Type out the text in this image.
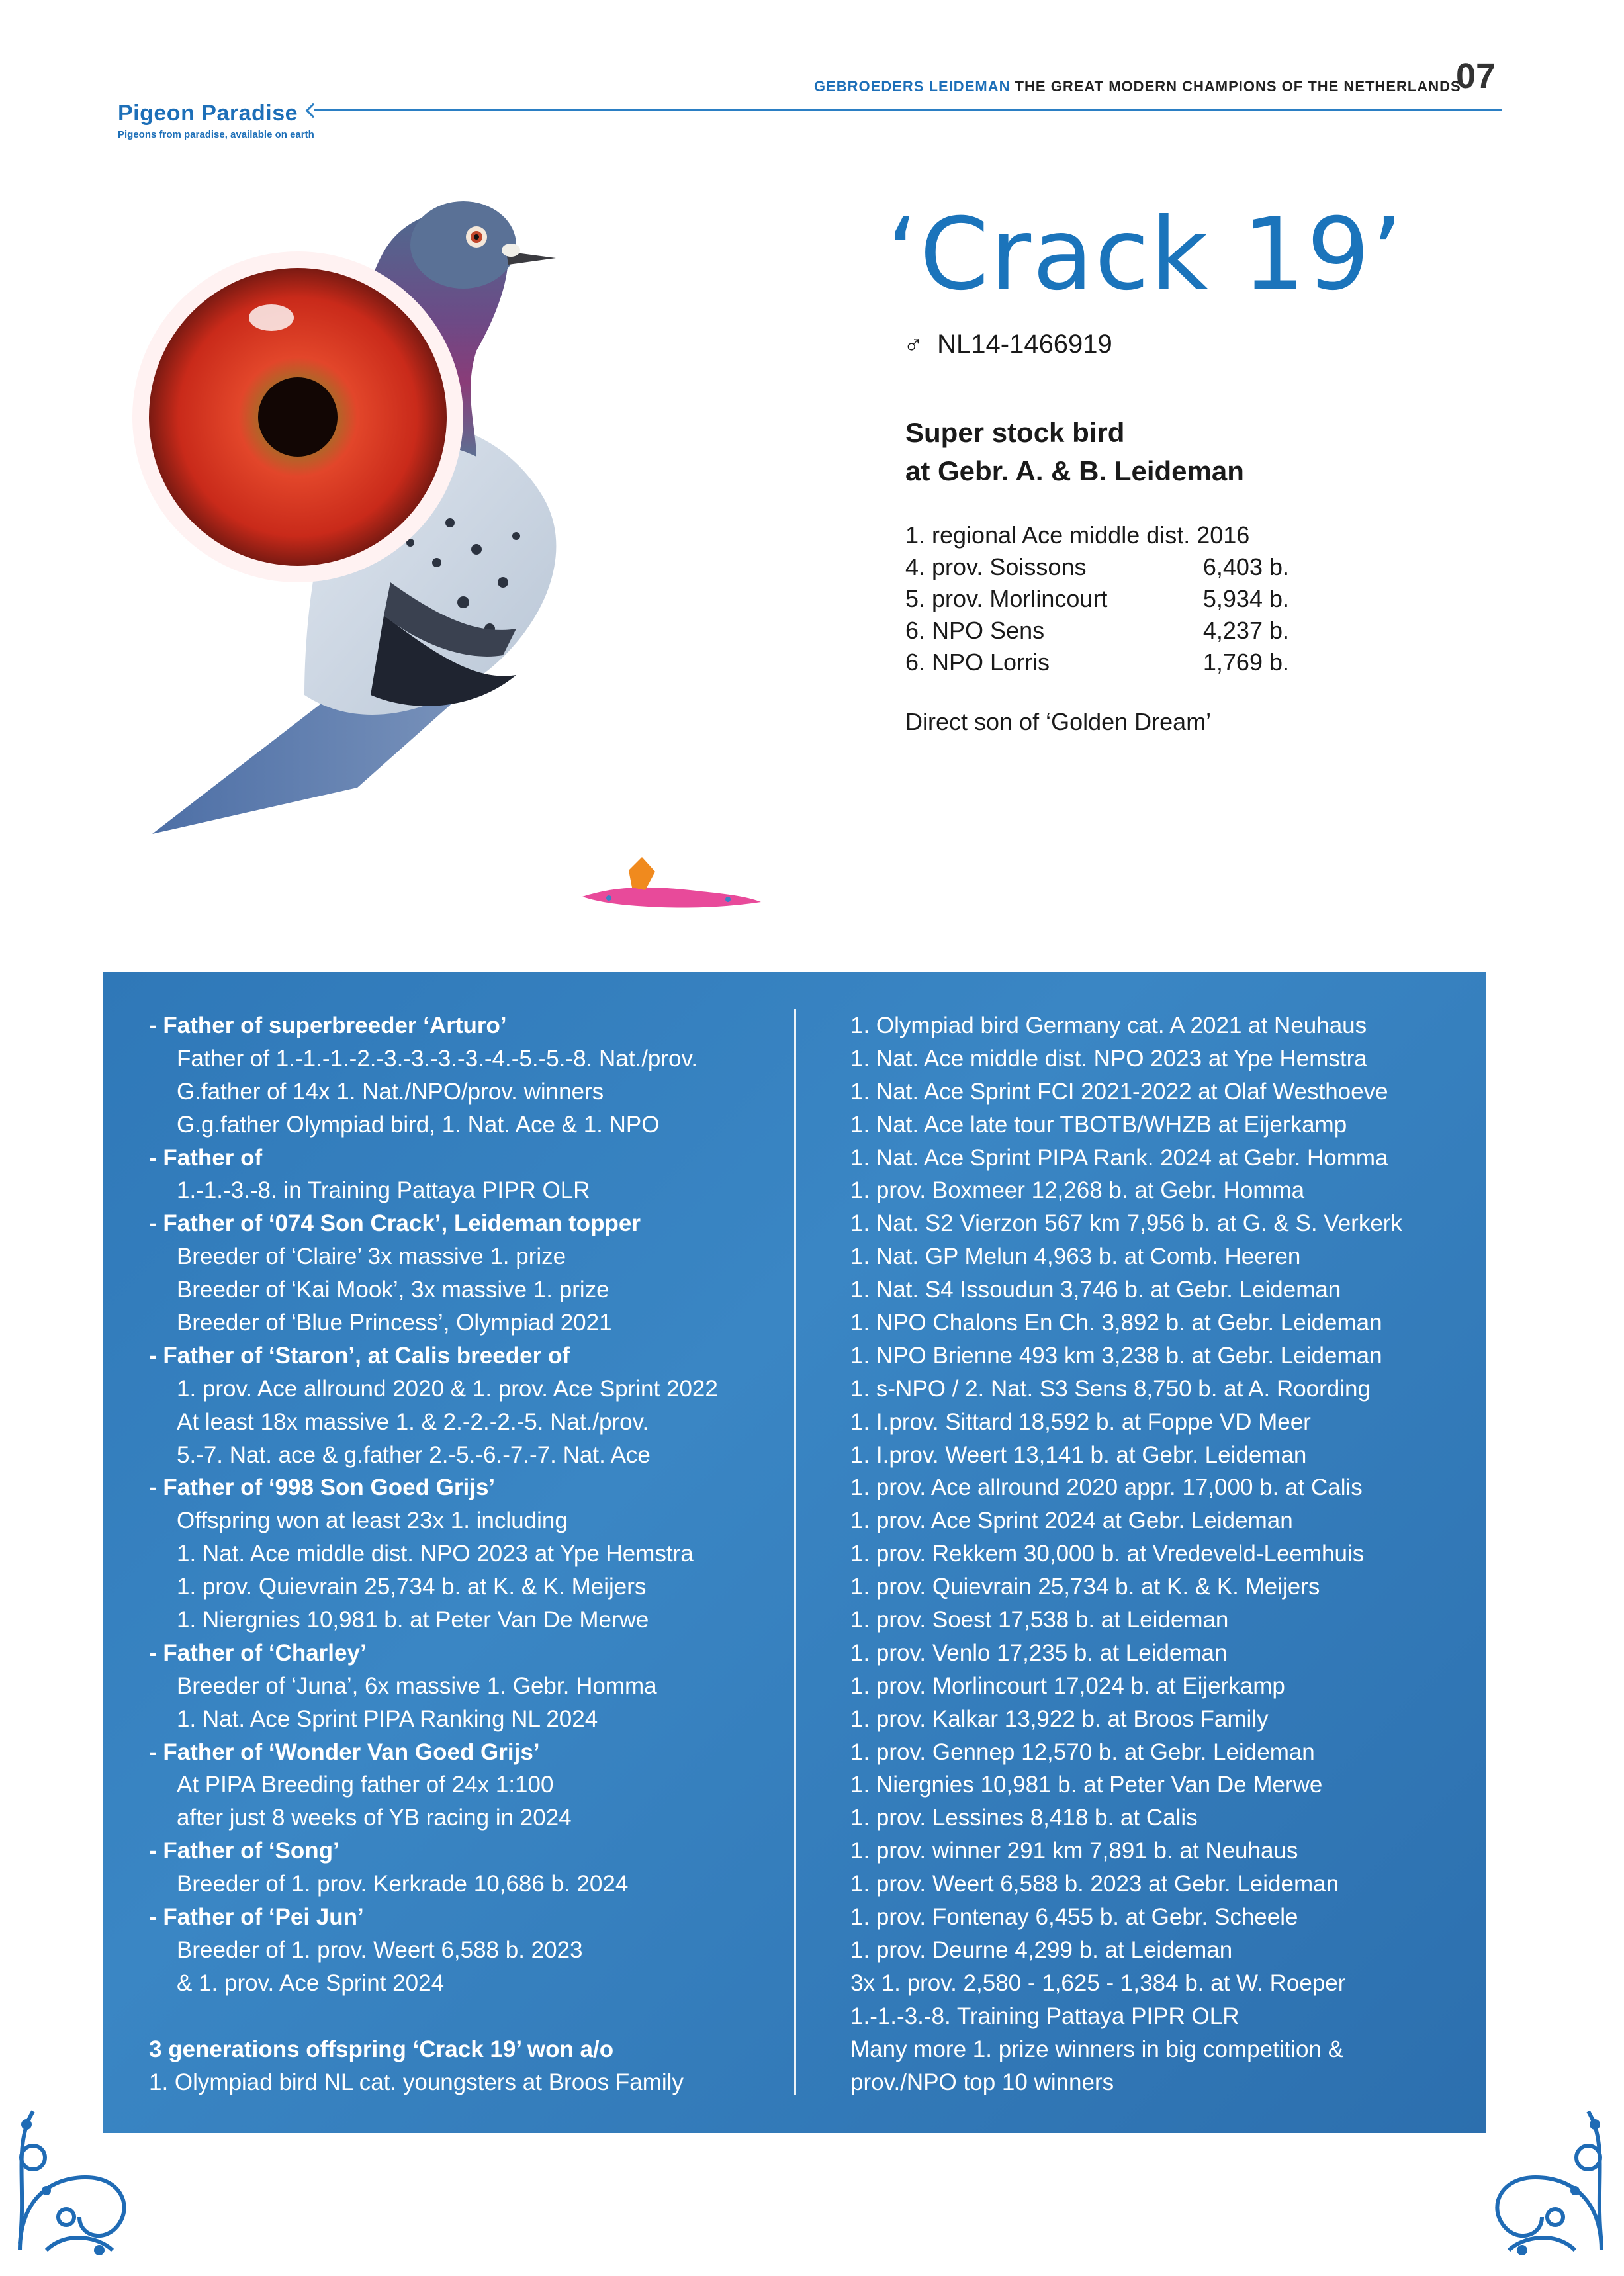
Pigeon Paradise
Pigeons from paradise, available on earth
GEBROEDERS LEIDEMAN THE GREAT MODERN CHAMPIONS OF THE NETHERLANDS
07
‘Crack 19’
♂ NL14-1466919
Super stock bird
at Gebr. A. & B. Leideman
1. regional Ace middle dist. 2016
4. prov. Soissons	6,403 b.
5. prov. Morlincourt	5,934 b.
6. NPO Sens	4,237 b.
6. NPO Lorris	1,769 b.
Direct son of ‘Golden Dream’
- Father of superbreeder ‘Arturo’
Father of 1.-1.-1.-2.-3.-3.-3.-3.-4.-5.-5.-8. Nat./prov.
G.father of 14x 1. Nat./NPO/prov. winners
G.g.father Olympiad bird, 1. Nat. Ace & 1. NPO
- Father of
1.-1.-3.-8. in Training Pattaya PIPR OLR
- Father of ‘074 Son Crack’, Leideman topper
Breeder of ‘Claire’ 3x massive 1. prize
Breeder of ‘Kai Mook’, 3x massive 1. prize
Breeder of ‘Blue Princess’, Olympiad 2021
- Father of ‘Staron’, at Calis breeder of
1. prov. Ace allround 2020 & 1. prov. Ace Sprint 2022
At least 18x massive 1. & 2.-2.-2.-5. Nat./prov.
5.-7. Nat. ace & g.father 2.-5.-6.-7.-7. Nat. Ace
- Father of ‘998 Son Goed Grijs’
Offspring won at least 23x 1. including
1. Nat. Ace middle dist. NPO 2023 at Ype Hemstra
1. prov. Quievrain 25,734 b. at K. & K. Meijers
1. Niergnies 10,981 b. at Peter Van De Merwe
- Father of ‘Charley’
Breeder of ‘Juna’, 6x massive 1. Gebr. Homma
1. Nat. Ace Sprint PIPA Ranking NL 2024
- Father of ‘Wonder Van Goed Grijs’
At PIPA Breeding father of 24x 1:100
after just 8 weeks of YB racing in 2024
- Father of ‘Song’
Breeder of 1. prov. Kerkrade 10,686 b. 2024
- Father of ‘Pei Jun’
Breeder of 1. prov. Weert 6,588 b. 2023
& 1. prov. Ace Sprint 2024
3 generations offspring ‘Crack 19’ won a/o
1. Olympiad bird NL cat. youngsters at Broos Family
1. Olympiad bird Germany cat. A 2021 at Neuhaus
1. Nat. Ace middle dist. NPO 2023 at Ype Hemstra
1. Nat. Ace Sprint FCI 2021-2022 at Olaf Westhoeve
1. Nat. Ace late tour TBOTB/WHZB at Eijerkamp
1. Nat. Ace Sprint PIPA Rank. 2024 at Gebr. Homma
1. prov. Boxmeer 12,268 b. at Gebr. Homma
1. Nat. S2 Vierzon 567 km 7,956 b. at G. & S. Verkerk
1. Nat. GP Melun 4,963 b. at Comb. Heeren
1. Nat. S4 Issoudun 3,746 b. at Gebr. Leideman
1. NPO Chalons En Ch. 3,892 b. at Gebr. Leideman
1. NPO Brienne 493 km 3,238 b. at Gebr. Leideman
1. s-NPO / 2. Nat. S3 Sens 8,750 b. at A. Roording
1. I.prov. Sittard 18,592 b. at Foppe VD Meer
1. I.prov. Weert 13,141 b. at Gebr. Leideman
1. prov. Ace allround 2020 appr. 17,000 b. at Calis
1. prov. Ace Sprint 2024 at Gebr. Leideman
1. prov. Rekkem 30,000 b. at Vredeveld-Leemhuis
1. prov. Quievrain 25,734 b. at K. & K. Meijers
1. prov. Soest 17,538 b. at Leideman
1. prov. Venlo 17,235 b. at Leideman
1. prov. Morlincourt 17,024 b. at Eijerkamp
1. prov. Kalkar 13,922 b. at Broos Family
1. prov. Gennep 12,570 b. at Gebr. Leideman
1. Niergnies 10,981 b. at Peter Van De Merwe
1. prov. Lessines 8,418 b. at Calis
1. prov. winner 291 km 7,891 b. at Neuhaus
1. prov. Weert 6,588 b. 2023 at Gebr. Leideman
1. prov. Fontenay 6,455 b. at Gebr. Scheele
1. prov. Deurne 4,299 b. at Leideman
3x 1. prov. 2,580 - 1,625 - 1,384 b. at W. Roeper
1.-1.-3.-8. Training Pattaya PIPR OLR
Many more 1. prize winners in big competition &
prov./NPO top 10 winners
